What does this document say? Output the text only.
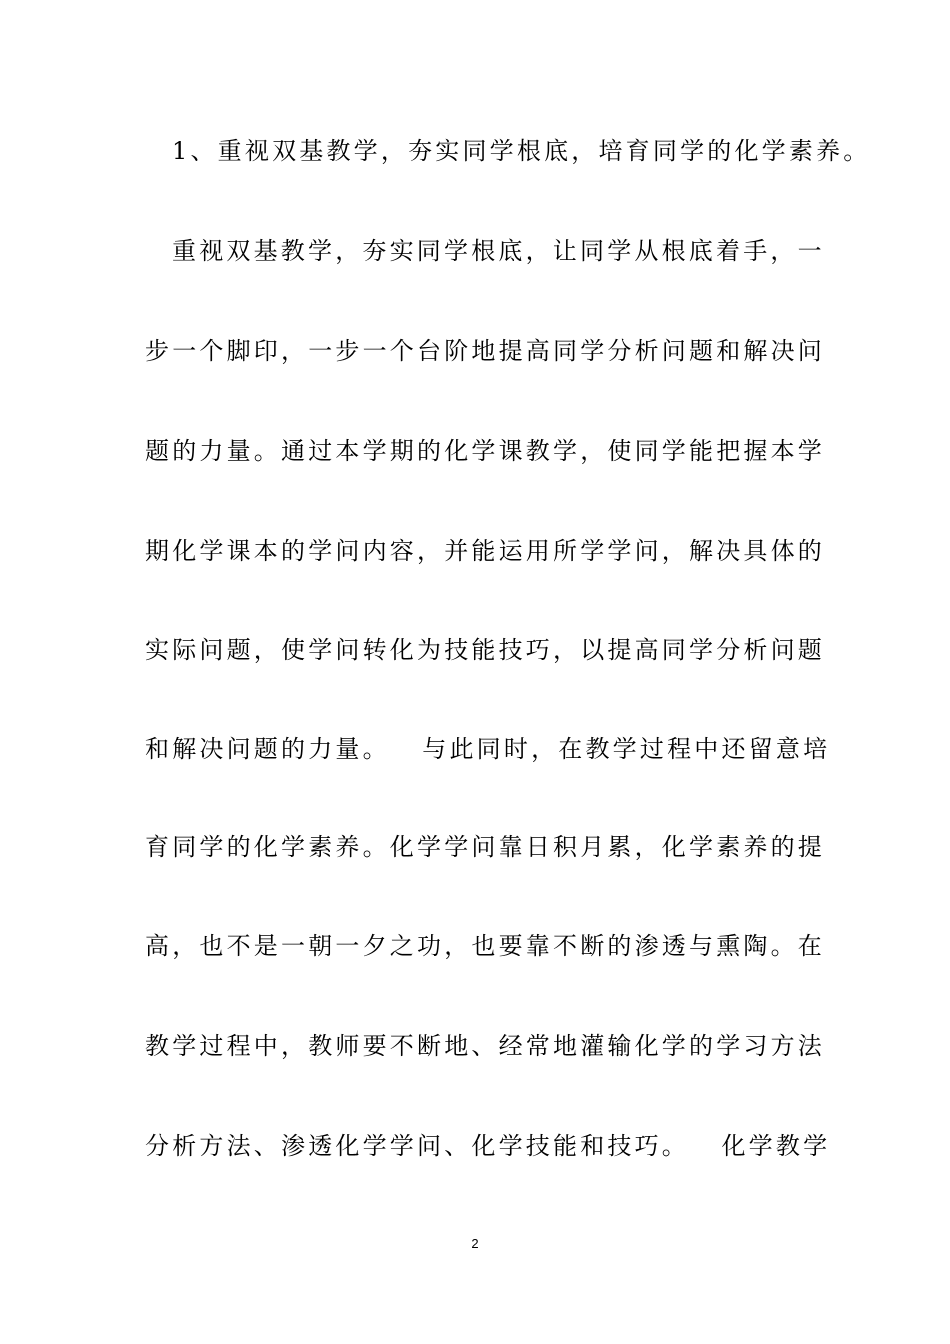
1、重视双基教学，夯实同学根底，培育同学的化学素养。
重视双基教学，夯实同学根底，让同学从根底着手，一
步一个脚印，一步一个台阶地提高同学分析问题和解决问
题的力量。通过本学期的化学课教学，使同学能把握本学
期化学课本的学问内容，并能运用所学学问，解决具体的
实际问题，使学问转化为技能技巧，以提高同学分析问题
和解决问题的力量。   与此同时，在教学过程中还留意培
育同学的化学素养。化学学问靠日积月累，化学素养的提
高，也不是一朝一夕之功，也要靠不断的渗透与熏陶。在
教学过程中，教师要不断地、经常地灌输化学的学习方法
分析方法、渗透化学学问、化学技能和技巧。   化学教学
2
